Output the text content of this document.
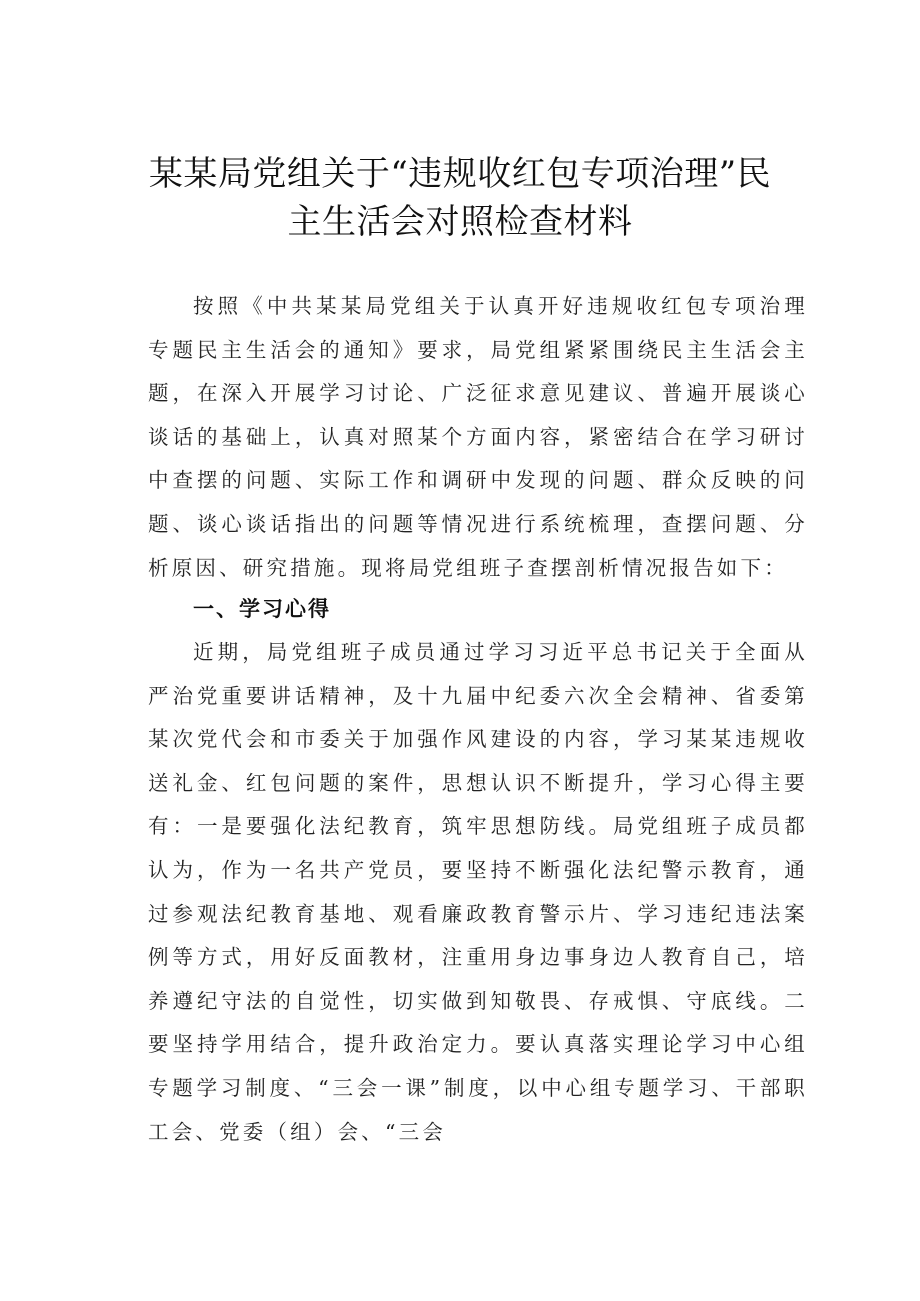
某某局党组关于“违规收红包专项治理”民
主生活会对照检查材料
按照《中共某某局党组关于认真开好违规收红包专项治理专题民主生活会的通知》要求，局党组紧紧围绕民主生活会主题，在深入开展学习讨论、广泛征求意见建议、普遍开展谈心谈话的基础上，认真对照某个方面内容，紧密结合在学习研讨中查摆的问题、实际工作和调研中发现的问题、群众反映的问题、谈心谈话指出的问题等情况进行系统梳理，查摆问题、分析原因、研究措施。现将局党组班子查摆剖析情况报告如下：
一、学习心得
近期，局党组班子成员通过学习习近平总书记关于全面从严治党重要讲话精神，及十九届中纪委六次全会精神、省委第某次党代会和市委关于加强作风建设的内容，学习某某违规收送礼金、红包问题的案件，思想认识不断提升，学习心得主要有：一是要强化法纪教育，筑牢思想防线。局党组班子成员都认为，作为一名共产党员，要坚持不断强化法纪警示教育，通过参观法纪教育基地、观看廉政教育警示片、学习违纪违法案例等方式，用好反面教材，注重用身边事身边人教育自己，培养遵纪守法的自觉性，切实做到知敬畏、存戒惧、守底线。二要坚持学用结合，提升政治定力。要认真落实理论学习中心组专题学习制度、“三会一课”制度，以中心组专题学习、干部职工会、党委（组）会、“三会
